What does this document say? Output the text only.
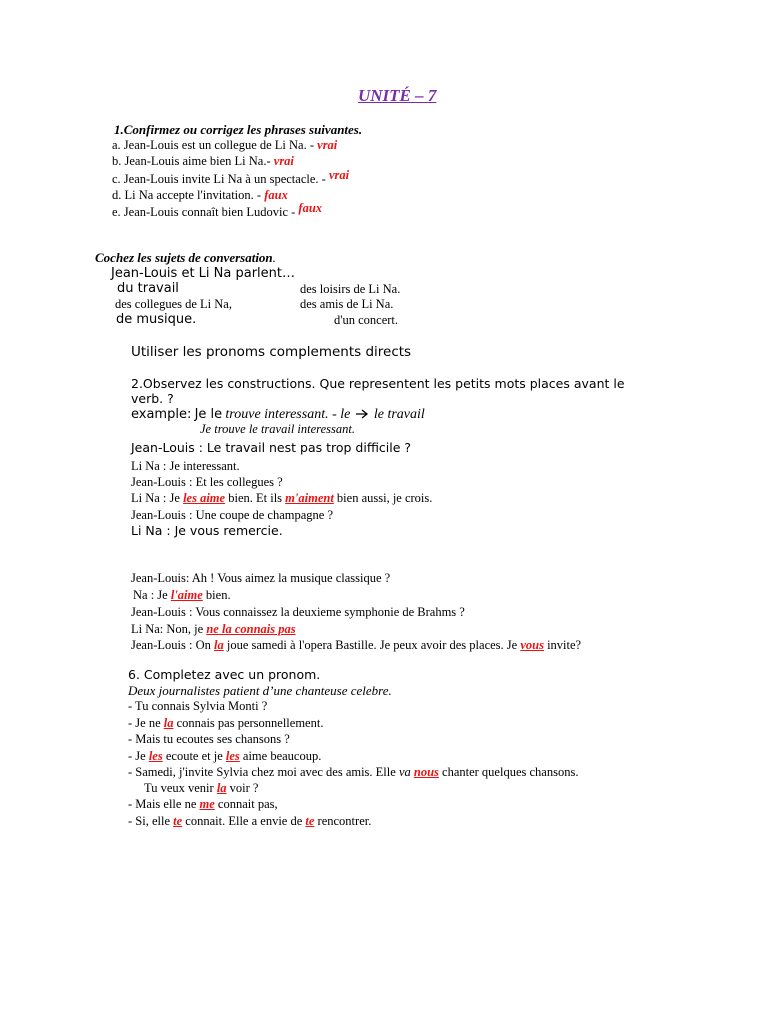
UNITÉ – 7
1.Confirmez ou corrigez les phrases suivantes.
a. Jean-Louis est un collegue de Li Na. - vrai
b. Jean-Louis aime bien Li Na.- vrai
c. Jean-Louis invite Li Na à un spectacle. - vrai
d. Li Na accepte l'invitation. - faux
e. Jean-Louis connaît bien Ludovic - faux
Cochez les sujets de conversation.
Jean-Louis et Li Na parlent…
du travail	des loisirs de Li Na.
des collegues de Li Na,	des amis de Li Na.
de musique.	d'un concert.
Utiliser les pronoms complements directs
2.Observez les constructions. Que representent les petits mots places avant le
verb. ?
example: Je le trouve interessant. - le le travail
Je trouve le travail interessant.
Jean-Louis : Le travail nest pas trop difficile ?
Li Na : Je interessant.
Jean-Louis : Et les collegues ?
Li Na : Je les aime bien. Et ils m'aiment bien aussi, je crois.
Jean-Louis : Une coupe de champagne ?
Li Na : Je vous remercie.
Jean-Louis: Ah ! Vous aimez la musique classique ?
Na : Je l'aime bien.
Jean-Louis : Vous connaissez la deuxieme symphonie de Brahms ?
Li Na: Non, je ne la connais pas
Jean-Louis : On la joue samedi à l'opera Bastille. Je peux avoir des places. Je vous invite?
6. Completez avec un pronom.
Deux journalistes patient d’une chanteuse celebre.
- Tu connais Sylvia Monti ?
- Je ne la connais pas personnellement.
- Mais tu ecoutes ses chansons ?
- Je les ecoute et je les aime beaucoup.
- Samedi, j'invite Sylvia chez moi avec des amis. Elle va nous chanter quelques chansons.
Tu veux venir la voir ?
- Mais elle ne me connait pas,
- Si, elle te connait. Elle a envie de te rencontrer.
